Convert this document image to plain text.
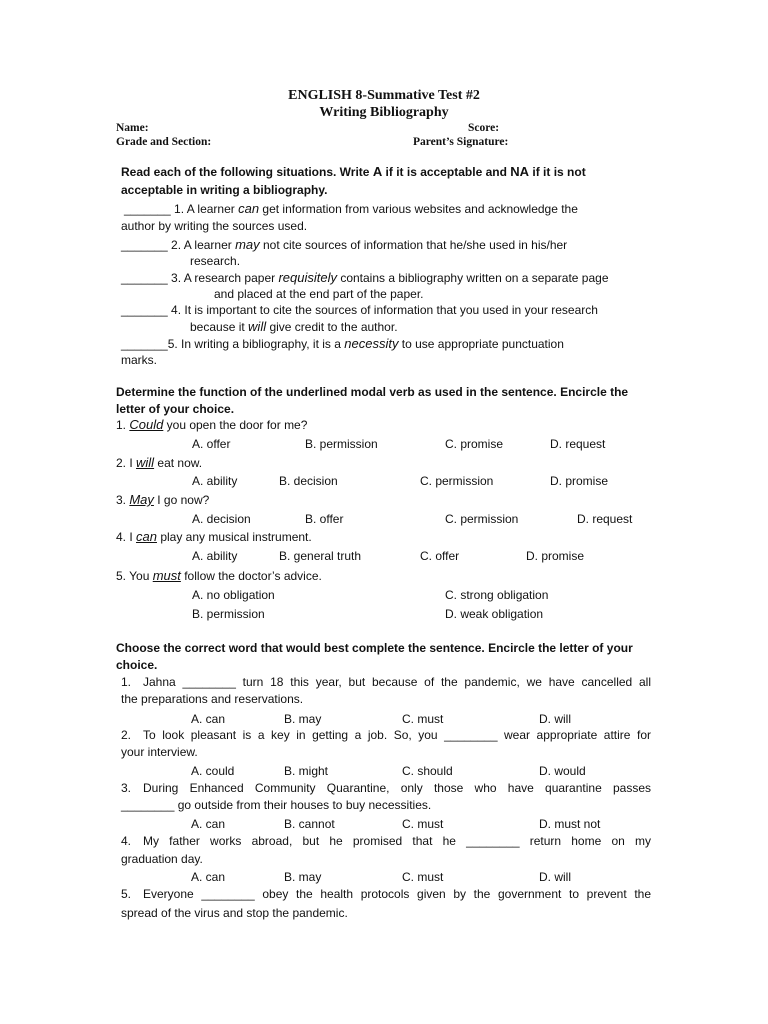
ENGLISH 8-Summative Test #2
Writing Bibliography
Name:	Score:
Grade and Section:	Parent’s Signature:
Read each of the following situations. Write A if it is acceptable and NA if it is not
acceptable in writing a bibliography.
_______ 1. A learner can get information from various websites and acknowledge the
author by writing the sources used.
_______ 2. A learner may not cite sources of information that he/she used in his/her
research.
_______ 3. A research paper requisitely contains a bibliography written on a separate page
and placed at the end part of the paper.
_______ 4. It is important to cite the sources of information that you used in your research
because it will give credit to the author.
_______5. In writing a bibliography, it is a necessity to use appropriate punctuation
marks.
Determine the function of the underlined modal verb as used in the sentence. Encircle the
letter of your choice.
1. Could you open the door for me?
A. offer	B. permission	C. promise	D. request
2. I will eat now.
A. ability	B. decision	C. permission	D. promise
3. May I go now?
A. decision	B. offer	C. permission	D. request
4. I can play any musical instrument.
A. ability	B. general truth	C. offer	D. promise
5. You must follow the doctor’s advice.
A. no obligation	C. strong obligation
B. permission	D. weak obligation
Choose the correct word that would best complete the sentence. Encircle the letter of your
choice.
1. Jahna ________ turn 18 this year, but because of the pandemic, we have cancelled all
the preparations and reservations.
A. can	B. may	C. must	D. will
2. To look pleasant is a key in getting a job. So, you ________ wear appropriate attire for
your interview.
A. could	B. might	C. should	D. would
3. During Enhanced Community Quarantine, only those who have quarantine passes
________ go outside from their houses to buy necessities.
A. can	B. cannot	C. must	D. must not
4. My father works abroad, but he promised that he ________ return home on my
graduation day.
A. can	B. may	C. must	D. will
5. Everyone ________ obey the health protocols given by the government to prevent the
spread of the virus and stop the pandemic.
